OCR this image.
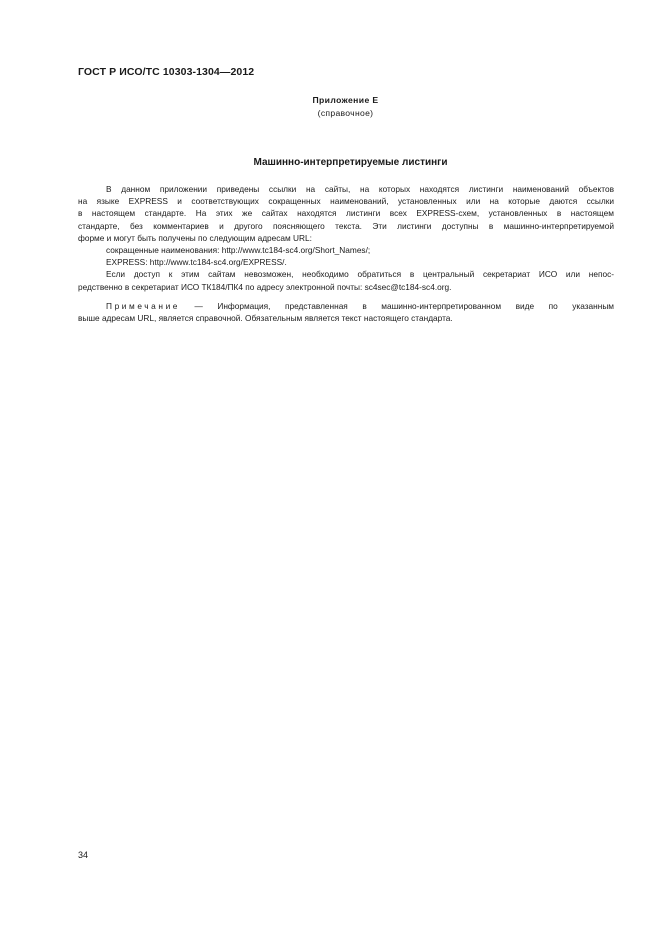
ГОСТ Р ИСО/ТС 10303-1304—2012
Приложение Е
(справочное)
Машинно-интерпретируемые листинги
В данном приложении приведены ссылки на сайты, на которых находятся листинги наименований объектов
на языке EXPRESS и соответствующих сокращенных наименований, установленных или на которые даются ссылки
в настоящем стандарте. На этих же сайтах находятся листинги всех EXPRESS-схем, установленных в настоящем
стандарте, без комментариев и другого поясняющего текста. Эти листинги доступны в машинно-интерпретируемой
форме и могут быть получены по следующим адресам URL:
сокращенные наименования: http://www.tc184-sc4.org/Short_Names/;
EXPRESS: http://www.tc184-sc4.org/EXPRESS/.
Если доступ к этим сайтам невозможен, необходимо обратиться в центральный секретариат ИСО или непос-
редственно в секретариат ИСО ТК184/ПК4 по адресу электронной почты: sc4sec@tc184-sc4.org.
Примечание — Информация, представленная в машинно-интерпретированном виде по указанным
выше адресам URL, является справочной. Обязательным является текст настоящего стандарта.
34
